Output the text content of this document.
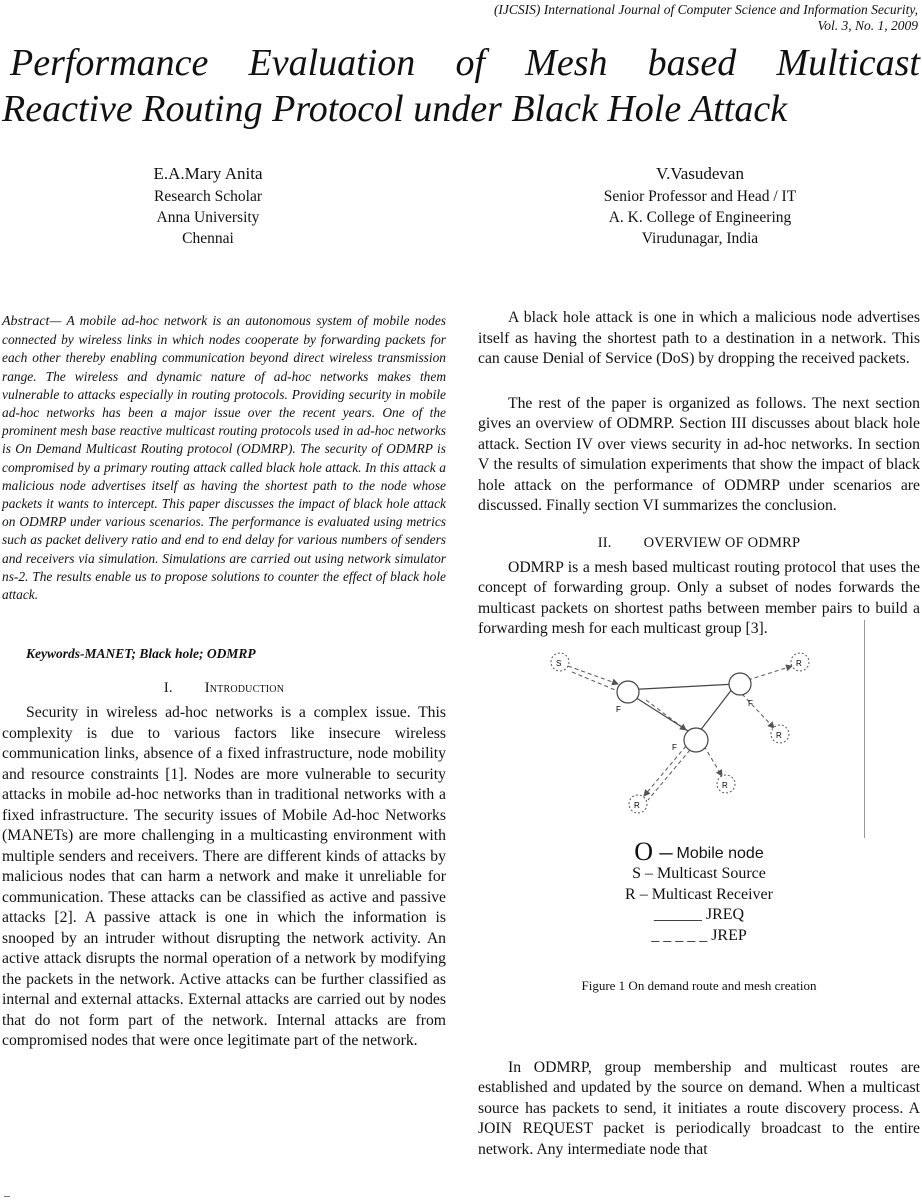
(IJCSIS) International Journal of Computer Science and Information Security,
Vol. 3, No. 1, 2009
Performance Evaluation of Mesh based Multicast
Reactive Routing Protocol under Black Hole Attack
E.A.Mary Anita
Research Scholar
Anna University
Chennai
V.Vasudevan
Senior Professor and Head / IT
A. K. College of Engineering
Virudunagar, India

Abstract— A mobile ad-hoc network is an autonomous system of mobile nodes connected by wireless links in which nodes cooperate by forwarding packets for each other thereby enabling communication beyond direct wireless transmission range. The wireless and dynamic nature of ad-hoc networks makes them vulnerable to attacks especially in routing protocols. Providing security in mobile ad-hoc networks has been a major issue over the recent years. One of the prominent mesh base reactive multicast routing protocols used in ad-hoc networks is On Demand Multicast Routing protocol (ODMRP). The security of ODMRP is compromised by a primary routing attack called black hole attack. In this attack a malicious node advertises itself as having the shortest path to the node whose packets it wants to intercept. This paper discusses the impact of black hole attack on ODMRP under various scenarios. The performance is evaluated using metrics such as packet delivery ratio and end to end delay for various numbers of senders and receivers via simulation. Simulations are carried out using network simulator ns-2. The results enable us to propose solutions to counter the effect of black hole attack.

Keywords-MANET; Black hole; ODMRP
I. Introduction

Security in wireless ad-hoc networks is a complex issue. This complexity is due to various factors like insecure wireless communication links, absence of a fixed infrastructure, node mobility and resource constraints [1]. Nodes are more vulnerable to security attacks in mobile ad-hoc networks than in traditional networks with a fixed infrastructure. The security issues of Mobile Ad-hoc Networks (MANETs) are more challenging in a multicasting environment with multiple senders and receivers. There are different kinds of attacks by malicious nodes that can harm a network and make it unreliable for communication. These attacks can be classified as active and passive attacks [2]. A passive attack is one in which the information is snooped by an intruder without disrupting the network activity. An active attack disrupts the normal operation of a network by modifying the packets in the network. Active attacks can be further classified as internal and external attacks. External attacks are carried out by nodes that do not form part of the network. Internal attacks are from compromised nodes that were once legitimate part of the network.

A black hole attack is one in which a malicious node advertises itself as having the shortest path to a destination in a network. This can cause Denial of Service (DoS) by dropping the received packets.

The rest of the paper is organized as follows. The next section gives an overview of ODMRP. Section III discusses about black hole attack. Section IV over views security in ad-hoc networks. In section V the results of simulation experiments that show the impact of black hole attack on the performance of ODMRP under scenarios are discussed. Finally section VI summarizes the conclusion.

II. OVERVIEW OF ODMRP

ODMRP is a mesh based multicast routing protocol that uses the concept of forwarding group. Only a subset of nodes forwards the multicast packets on shortest paths between member pairs to build a forwarding mesh for each multicast group [3].

S	R
F
F
F
R
R
R
O – Mobile node
S – Multicast Source
R – Multicast Receiver
______ JREQ
_ _ _ _ _ JREP
Figure 1 On demand route and mesh creation

In ODMRP, group membership and multicast routes are established and updated by the source on demand. When a multicast source has packets to send, it initiates a route discovery process. A JOIN REQUEST packet is periodically broadcast to the entire network. Any intermediate node that

–
